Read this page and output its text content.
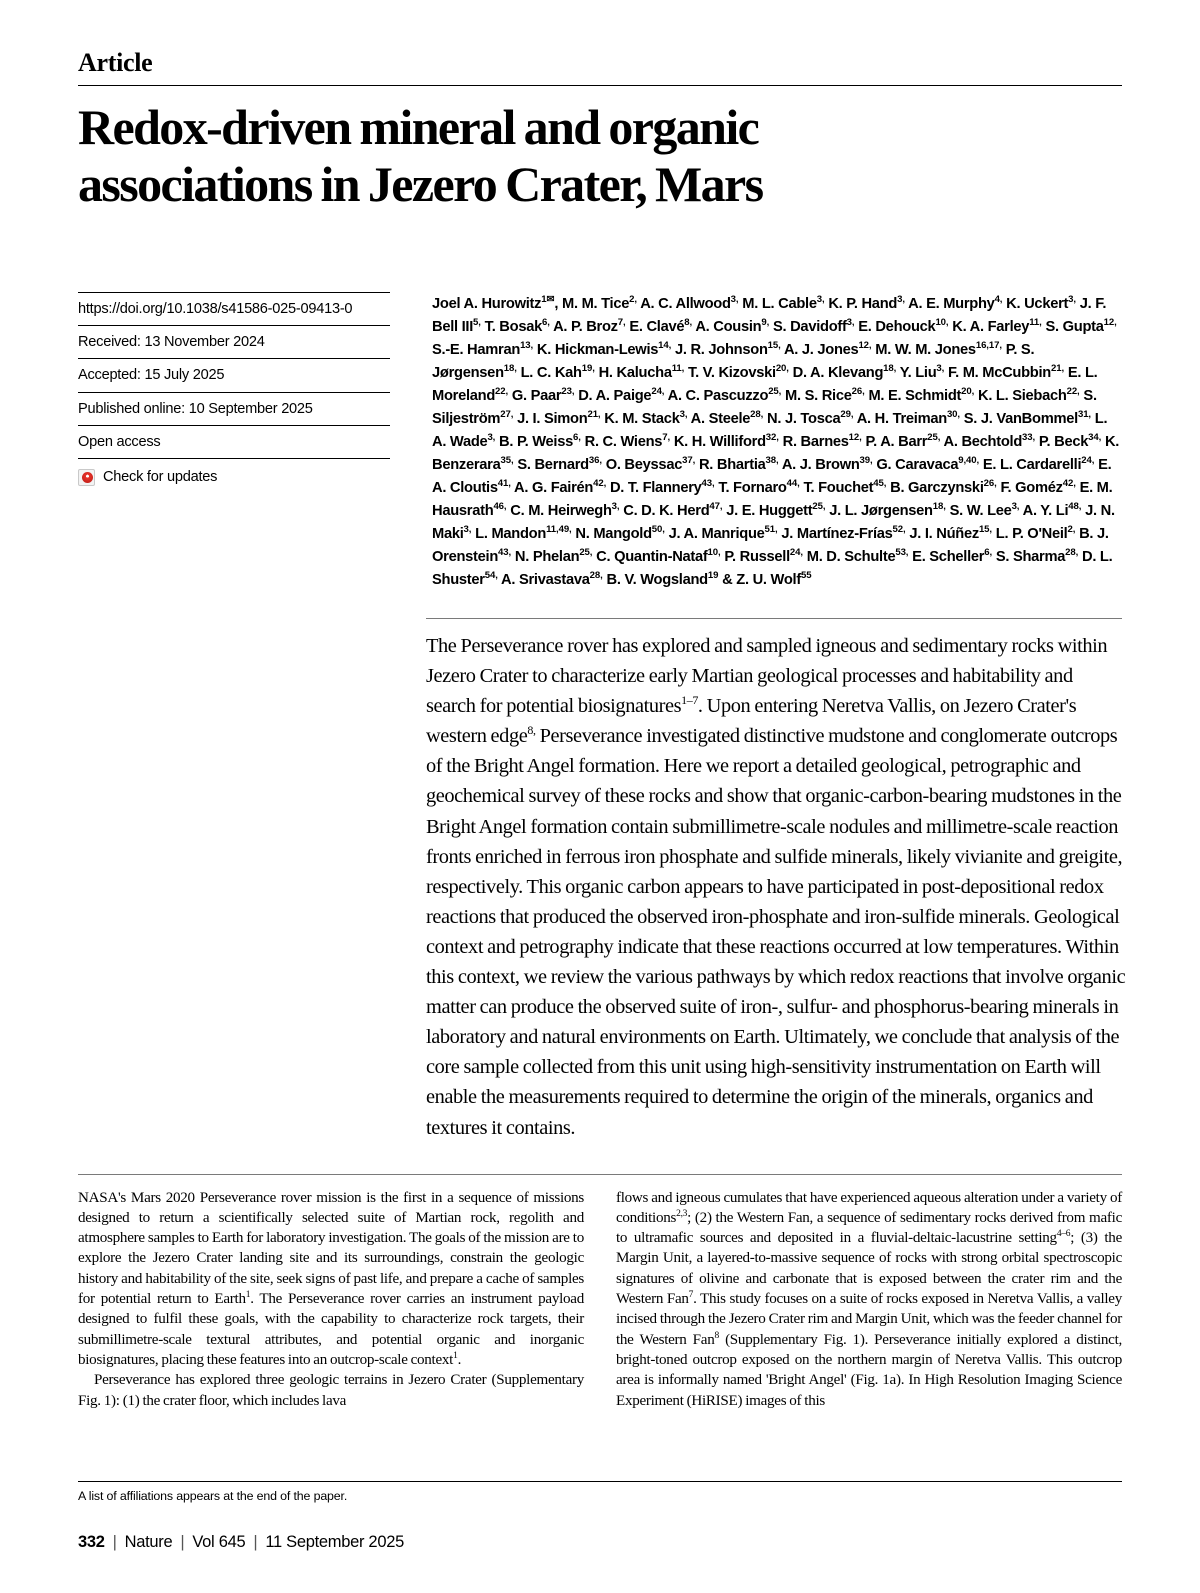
Article
Redox-driven mineral and organic associations in Jezero Crater, Mars
https://doi.org/10.1038/s41586-025-09413-0
Received: 13 November 2024
Accepted: 15 July 2025
Published online: 10 September 2025
Open access
Check for updates
Joel A. Hurowitz$^{1✉}$, M. M. Tice$^{2,}$ A. C. Allwood$^{3,}$ M. L. Cable$^{3,}$ K. P. Hand$^{3,}$ A. E. Murphy$^{4,}$ K. Uckert$^{3,}$ J. F. Bell $III^{5,}$ T. Bosak$^{6,}$ A. P. Broz$^{7,}$ E. Clavé$^{8,}$ A. Cousin$^{9,}$ S. Davidoff$^{3,}$ E. Dehouck$^{10,}$ K. A. Farley$^{11,}$ S. Gupta$^{12,}$ S.-E. Hamran$^{13,}$ K. Hickman-Lewis$^{14,}$ J. R. Johnson$^{15,}$ A. J. Jones$^{12,}$ M. W. M. Jones$^{16,17,}$ P. S. Jørgensen$^{18,}$ L. C. Kah$^{19,}$ H. Kalucha$^{11,}$ T. V. Kizovski$^{20,}$ D. A. Klevang$^{18,}$ Y. Liu$^{3,}$ F. M. McCubbin$^{21,}$ E. L. Moreland$^{22,}$ G. Paar$^{23,}$ D. A. Paige$^{24,}$ A. C. Pascuzzo$^{25,}$ M. S. Rice$^{26,}$ M. E. Schmidt$^{20,}$ K. L. Siebach$^{22,}$ S. Siljeström$^{27,}$ J. I. Simon$^{21,}$ K. M. Stack$^{3,}$ A. Steele$^{28,}$ N. J. Tosca$^{29,}$ A. H. Treiman$^{30,}$ S. J. VanBommel$^{31,}$ L. A. Wade$^{3,}$ B. P. Weiss$^{6,}$ R. C. Wiens$^{7,}$ K. H. Williford$^{32,}$ R. Barnes$^{12,}$ P. A. Barr$^{25,}$ A. Bechtold$^{33,}$ P. Beck$^{34,}$ K. Benzerara$^{35,}$ S. Bernard$^{36,}$ O. Beyssac$^{37,}$ R. Bhartia$^{38,}$ A. J. Brown$^{39,}$ G. Caravaca$^{9,40,}$ E. L. Cardarelli$^{24,}$ E. A. Cloutis$^{41,}$ A. G. Fairén$^{42,}$ D. T. Flannery$^{43,}$ T. Fornaro$^{44,}$ T. Fouchet$^{45,}$ B. Garczynski$^{26,}$ F. Goméz$^{42,}$ E. M. Hausrath$^{46,}$ C. M. Heirwegh$^{3,}$ C. D. K. Herd$^{47,}$ J. E. Huggett$^{25,}$ J. L. Jørgensen$^{18,}$ S. W. Lee$^{3,}$ A. Y. $Li^{48,}$ J. N. Maki$^{3,}$ L. Mandon$^{11,49,}$ N. Mangold$^{50,}$ J. A. Manrique$^{51,}$ J. Martínez-Frías$^{52,}$ J. I. Núñez$^{15,}$ L. P. O'Neil$^{2,}$ B. J. Orenstein$^{43,}$ N. Phelan$^{25,}$ C. Quantin-Nataf$^{10,}$ P. Russell$^{24,}$ M. D. Schulte$^{53,}$ E. Scheller$^{6,}$ S. Sharma$^{28,}$ D. L. Shuster$^{54,}$ A. Srivastava$^{28,}$ B. V. Wogsland$^{19}$ & Z. U. Wolf$^{55}$
The Perseverance rover has explored and sampled igneous and sedimentary rocks within Jezero Crater to characterize early Martian geological processes and habitability and search for potential biosignatures$^{1-7}$. Upon entering Neretva Vallis, on Jezero Crater's western edge$^{8,}$ Perseverance investigated distinctive mudstone and conglomerate outcrops of the Bright Angel formation. Here we report a detailed geological, petrographic and geochemical survey of these rocks and show that organic-carbon-bearing mudstones in the Bright Angel formation contain submillimetre-scale nodules and millimetre-scale reaction fronts enriched in ferrous iron phosphate and sulfide minerals, likely vivianite and greigite, respectively. This organic carbon appears to have participated in post-depositional redox reactions that produced the observed iron-phosphate and iron-sulfide minerals. Geological context and petrography indicate that these reactions occurred at low temperatures. Within this context, we review the various pathways by which redox reactions that involve organic matter can produce the observed suite of iron-, sulfur- and phosphorus-bearing minerals in laboratory and natural environments on Earth. Ultimately, we conclude that analysis of the core sample collected from this unit using high-sensitivity instrumentation on Earth will enable the measurements required to determine the origin of the minerals, organics and textures it contains.

NASA's Mars 2020 Perseverance rover mission is the first in a sequence of missions designed to return a scientifically selected suite of Martian rock, regolith and atmosphere samples to Earth for laboratory investigation. The goals of the mission are to explore the Jezero Crater landing site and its surroundings, constrain the geologic history and habitability of the site, seek signs of past life, and prepare a cache of samples for potential return to Earth$^1$. The Perseverance rover carries an instrument payload designed to fulfil these goals, with the capability to characterize rock targets, their submillimetre-scale textural attributes, and potential organic and inorganic biosignatures, placing these features into an outcrop-scale context$^1$.

Perseverance has explored three geologic terrains in Jezero Crater (Supplementary Fig. 1): (1) the crater floor, which includes lava

flows and igneous cumulates that have experienced aqueous alteration under a variety of conditions$^{2,3}$; (2) the Western Fan, a sequence of sedimentary rocks derived from mafic to ultramafic sources and deposited in a fluvial-deltaic-lacustrine setting$^{4-6}$; (3) the Margin Unit, a layered-to-massive sequence of rocks with strong orbital spectroscopic signatures of olivine and carbonate that is exposed between the crater rim and the Western Fan$^7$. This study focuses on a suite of rocks exposed in Neretva Vallis, a valley incised through the Jezero Crater rim and Margin Unit, which was the feeder channel for the Western Fan$^8$ (Supplementary Fig. 1). Perseverance initially explored a distinct, bright-toned outcrop exposed on the northern margin of Neretva Vallis. This outcrop area is informally named 'Bright Angel' (Fig. 1a). In High Resolution Imaging Science Experiment (HiRISE) images of this

A list of affiliations appears at the end of the paper.
332 | Nature | Vol 645 | 11 September 2025
